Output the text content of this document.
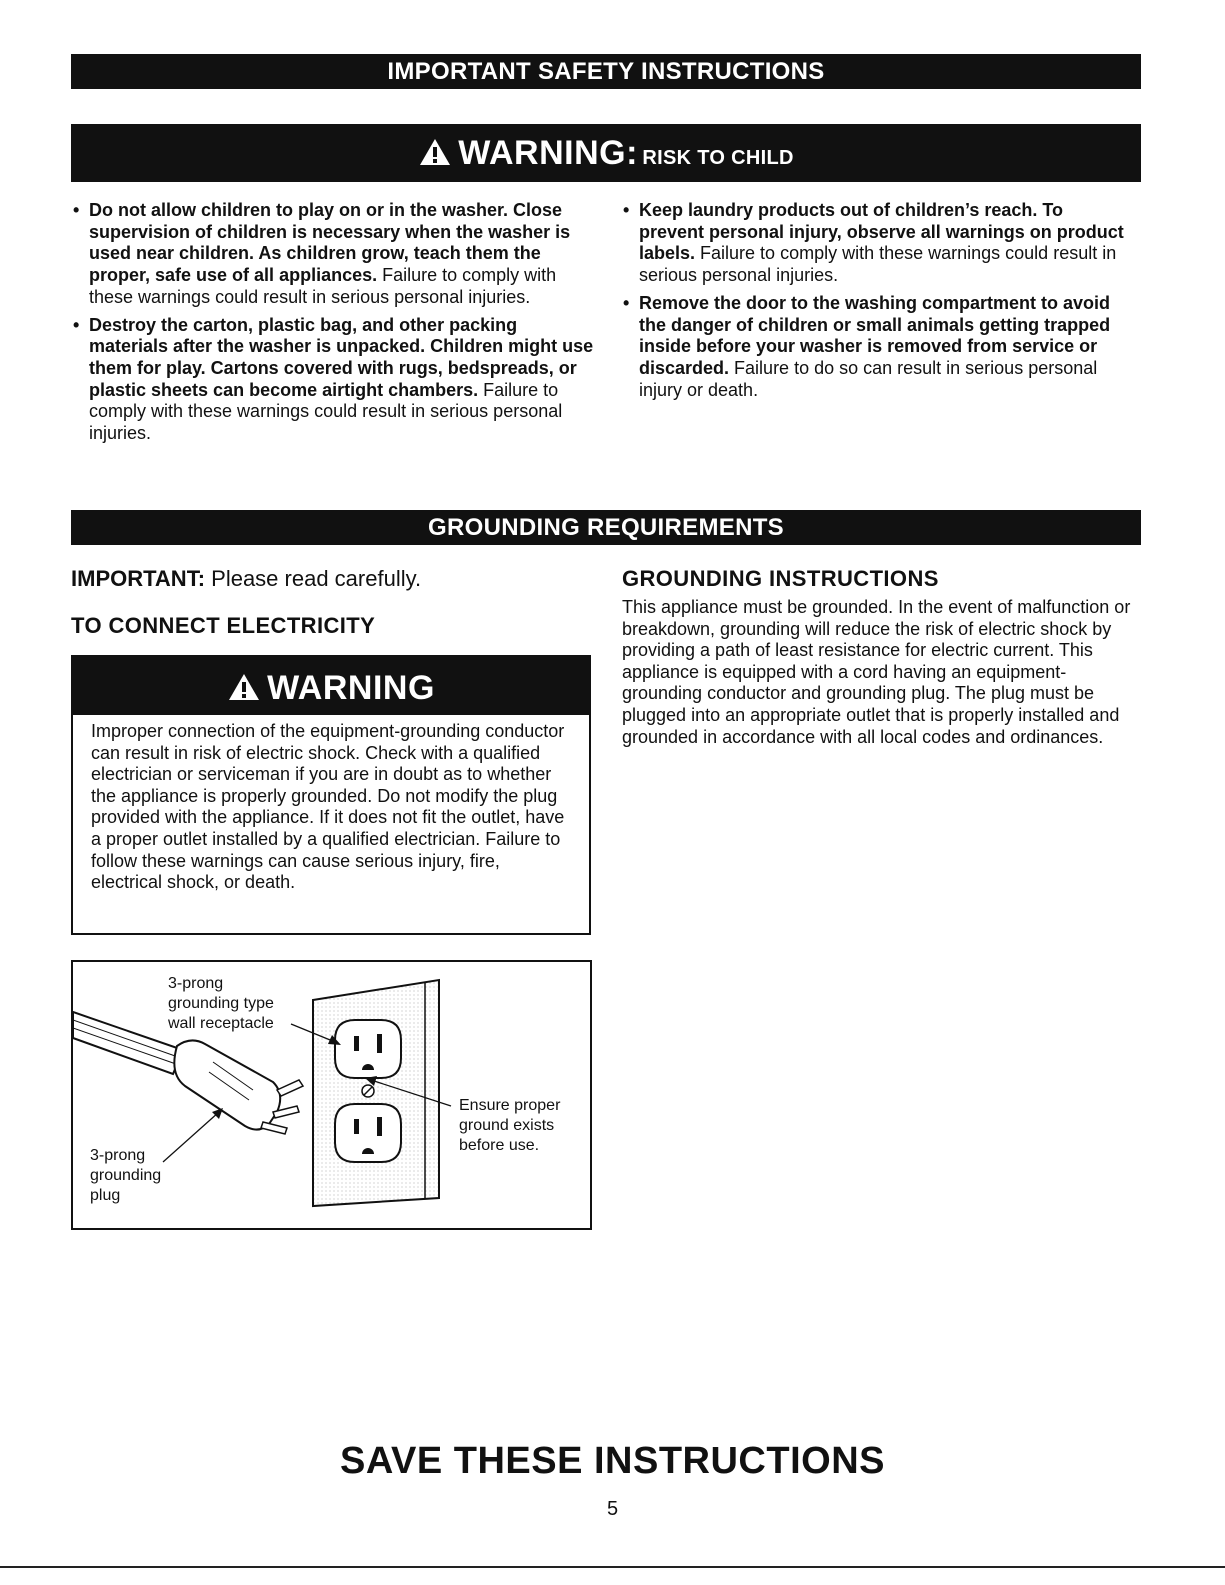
IMPORTANT SAFETY INSTRUCTIONS
WARNING: RISK TO CHILD
• Do not allow children to play on or in the washer. Close supervision of children is necessary when the washer is used near children. As children grow, teach them the proper, safe use of all appliances. Failure to comply with these warnings could result in serious personal injuries.
• Destroy the carton, plastic bag, and other packing materials after the washer is unpacked. Children might use them for play. Cartons covered with rugs, bedspreads, or plastic sheets can become airtight chambers. Failure to comply with these warnings could result in serious personal injuries.
• Keep laundry products out of children’s reach. To prevent personal injury, observe all warnings on product labels. Failure to comply with these warnings could result in serious personal injuries.
• Remove the door to the washing compartment to avoid the danger of children or small animals getting trapped inside before your washer is removed from service or discarded. Failure to do so can result in serious personal injury or death.
GROUNDING REQUIREMENTS
IMPORTANT: Please read carefully.
TO CONNECT ELECTRICITY
WARNING
Improper connection of the equipment-grounding conductor can result in risk of electric shock. Check with a qualified electrician or serviceman if you are in doubt as to whether the appliance is properly grounded. Do not modify the plug provided with the appliance. If it does not fit the outlet, have a proper outlet installed by a qualified electrician. Failure to follow these warnings can cause serious injury, fire, electrical shock, or death.
GROUNDING INSTRUCTIONS
This appliance must be grounded. In the event of malfunction or breakdown, grounding will reduce the risk of electric shock by providing a path of least resistance for electric current. This appliance is equipped with a cord having an equipment-grounding conductor and grounding plug. The plug must be plugged into an appropriate outlet that is properly installed and grounded in accordance with all local codes and ordinances.
3-prong
grounding type
wall receptacle
3-prong
grounding
plug
Ensure proper
ground exists
before use.
SAVE THESE INSTRUCTIONS
5
